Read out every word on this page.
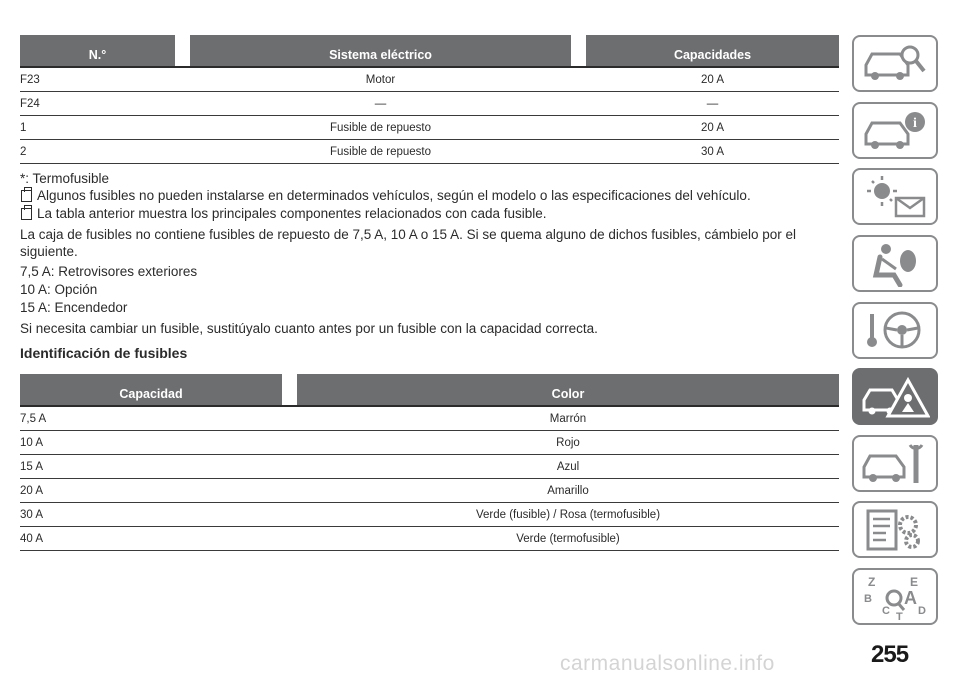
N.°	Sistema eléctrico	Capacidades
F23	Motor	20 A
F24	—	—
1	Fusible de repuesto	20 A
2	Fusible de repuesto	30 A
*: Termofusible
Algunos fusibles no pueden instalarse en determinados vehículos, según el modelo o las especificaciones del vehículo.
La tabla anterior muestra los principales componentes relacionados con cada fusible.
La caja de fusibles no contiene fusibles de repuesto de 7,5 A, 10 A o 15 A. Si se quema alguno de dichos fusibles, cámbielo por el siguiente.
7,5 A: Retrovisores exteriores
10 A: Opción
15 A: Encendedor
Si necesita cambiar un fusible, sustitúyalo cuanto antes por un fusible con la capacidad correcta.
Identificación de fusibles
Capacidad	Color
7,5 A	Marrón
10 A	Rojo
15 A	Azul
20 A	Amarillo
30 A	Verde (fusible) / Rosa (termofusible)
40 A	Verde (termofusible)
i
Z	E
B A
C	D
T
carmanualsonline.info	255
